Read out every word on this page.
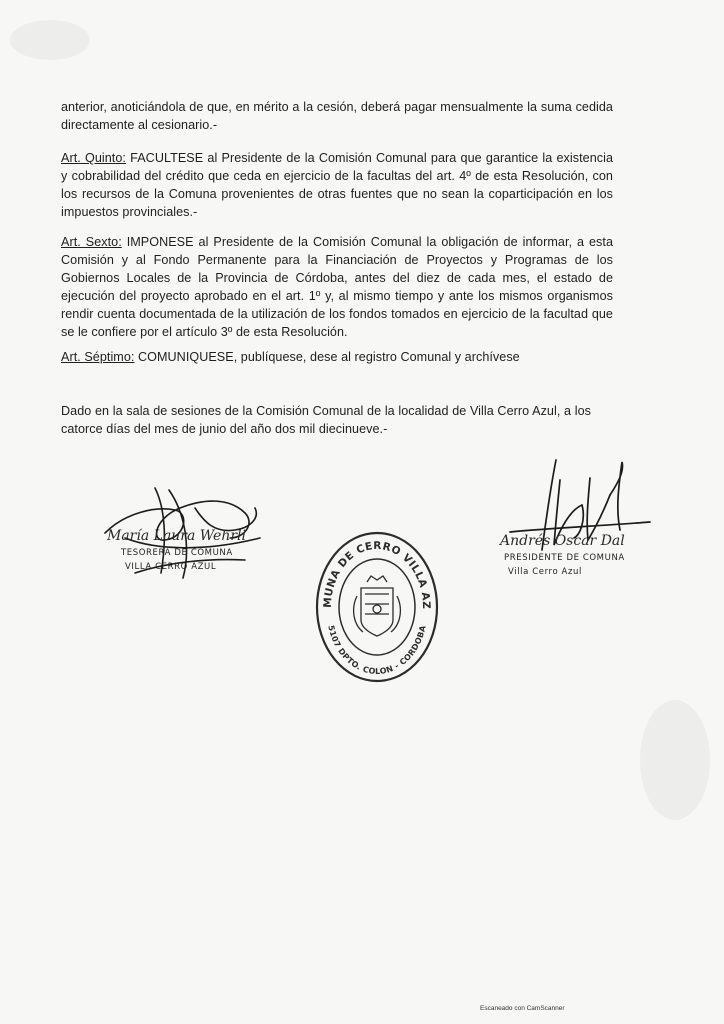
anterior, anoticiándola de que, en mérito a la cesión, deberá pagar mensualmente la suma cedida directamente al cesionario.-
Art. Quinto: FACULTESE al Presidente de la Comisión Comunal para que garantice la existencia y cobrabilidad del crédito que ceda en ejercicio de la facultas del art. 4º de esta Resolución, con los recursos de la Comuna provenientes de otras fuentes que no sean la coparticipación en los impuestos provinciales.-
Art. Sexto: IMPONESE al Presidente de la Comisión Comunal la obligación de informar, a esta Comisión y al Fondo Permanente para la Financiación de Proyectos y Programas de los Gobiernos Locales de la Provincia de Córdoba, antes del diez de cada mes, el estado de ejecución del proyecto aprobado en el art. 1º y, al mismo tiempo y ante los mismos organismos rendir cuenta documentada de la utilización de los fondos tomados en ejercicio de la facultad que se le confiere por el artículo 3º de esta Resolución.
Art. Séptimo: COMUNIQUESE, publíquese, dese al registro Comunal y archívese
Dado en la sala de sesiones de la Comisión Comunal de la localidad de Villa Cerro Azul, a los catorce días del mes de junio del año dos mil diecinueve.-
María Laura Wehrli
TESORERA DE COMUNA
VILLA CERRO AZUL
MUNA DE CERRO VILLA AZ
5107 DPTO. COLON - CORDOBA
Andrés Oscar Dal
PRESIDENTE DE COMUNA
Villa Cerro Azul
Escaneado con CamScanner
